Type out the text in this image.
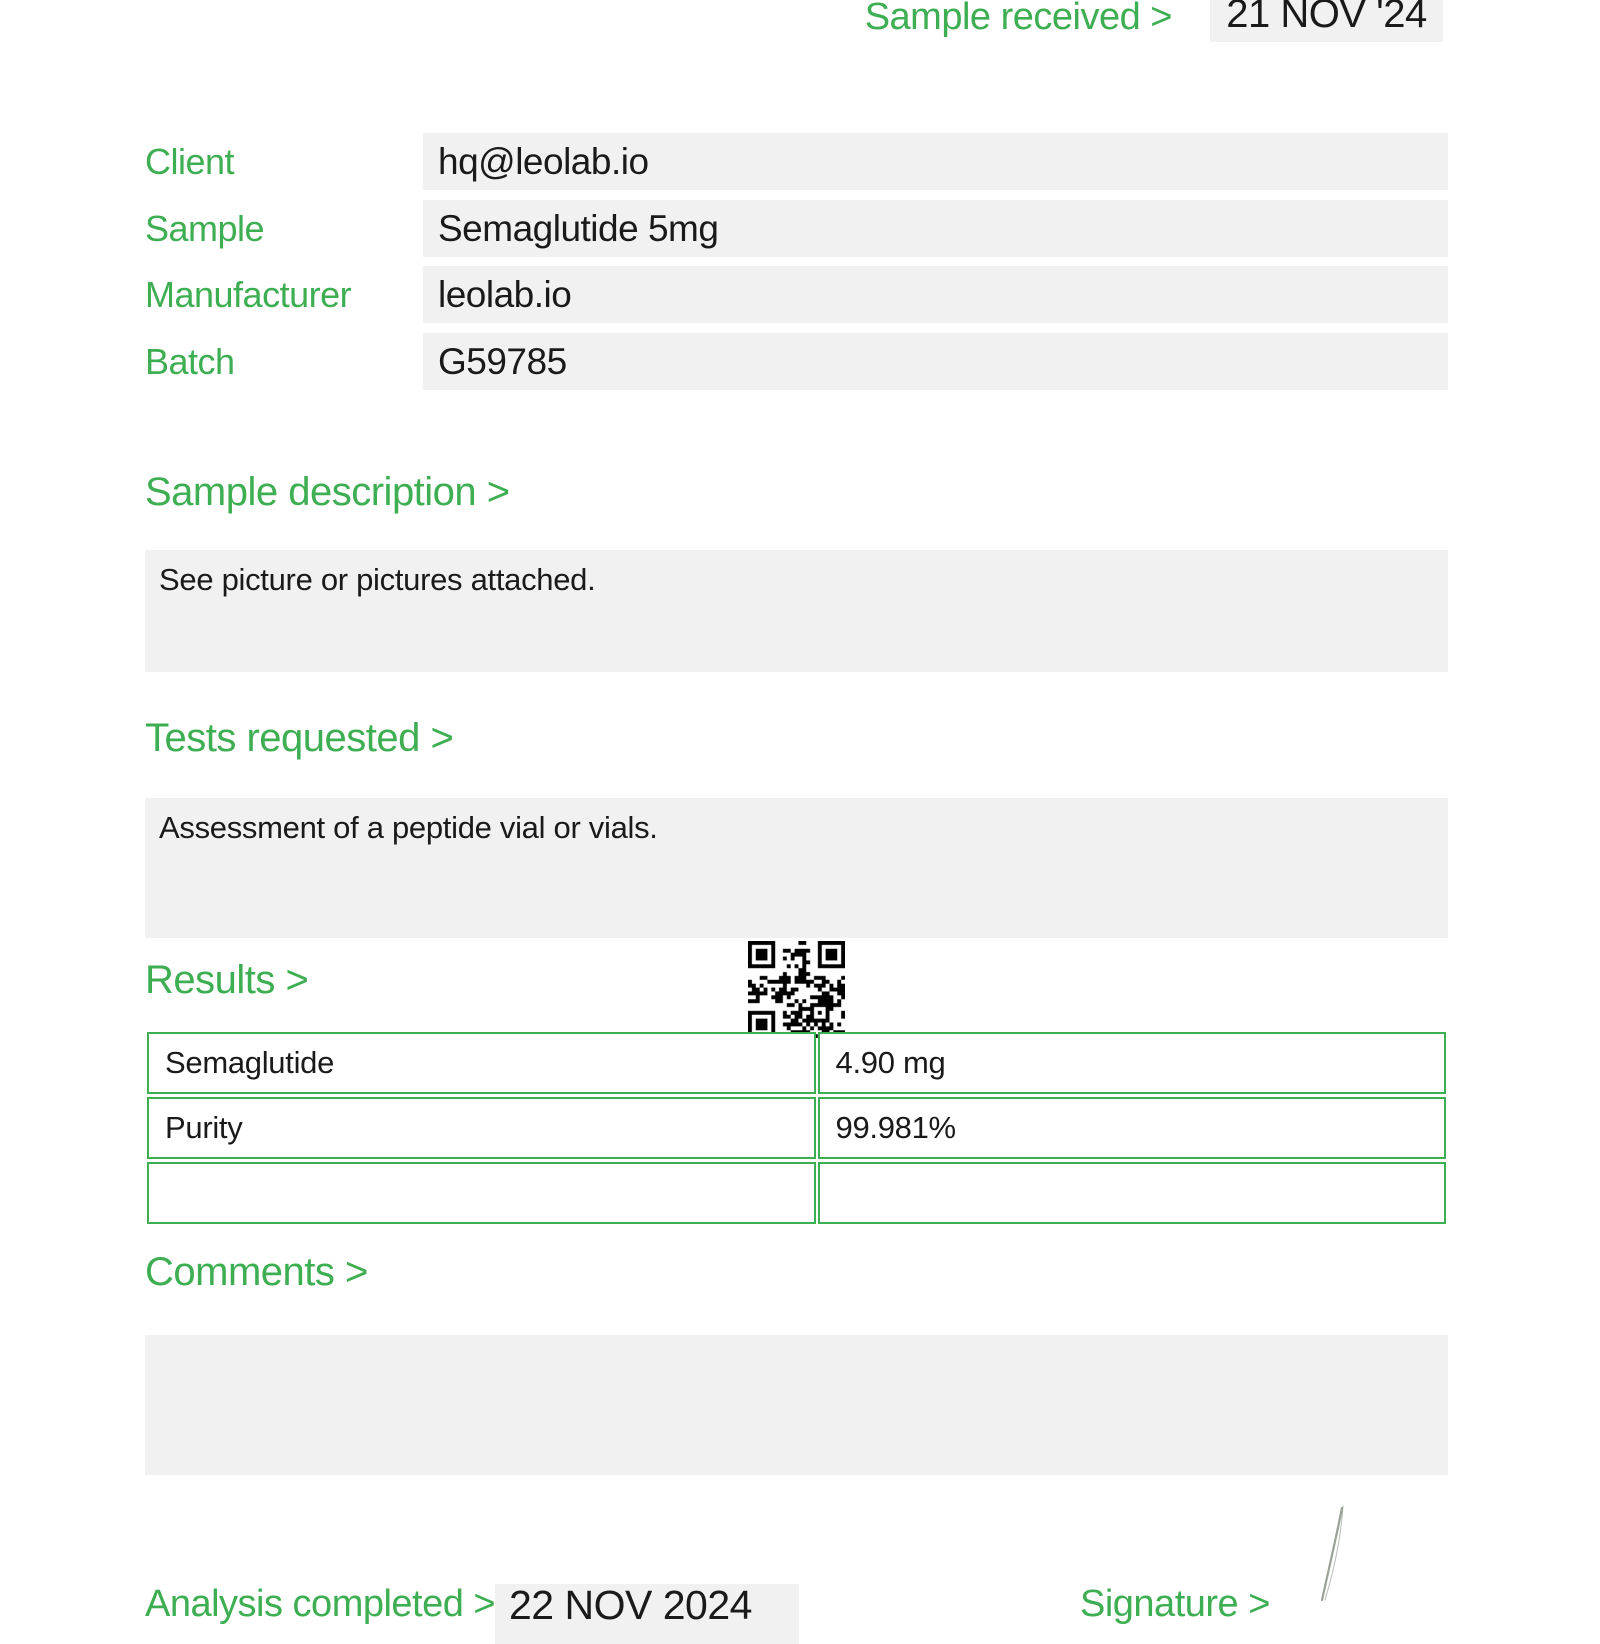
Sample received >	21 NOV '24
Client	hq@leolab.io
Sample	Semaglutide 5mg
Manufacturer	leolab.io
Batch	G59785
Sample description >
See picture or pictures attached.
Tests requested >
Assessment of a peptide vial or vials.
Results >
Semaglutide	4.90 mg
Purity	99.981%

Comments >
Analysis completed > 22 NOV 2024	Signature >
